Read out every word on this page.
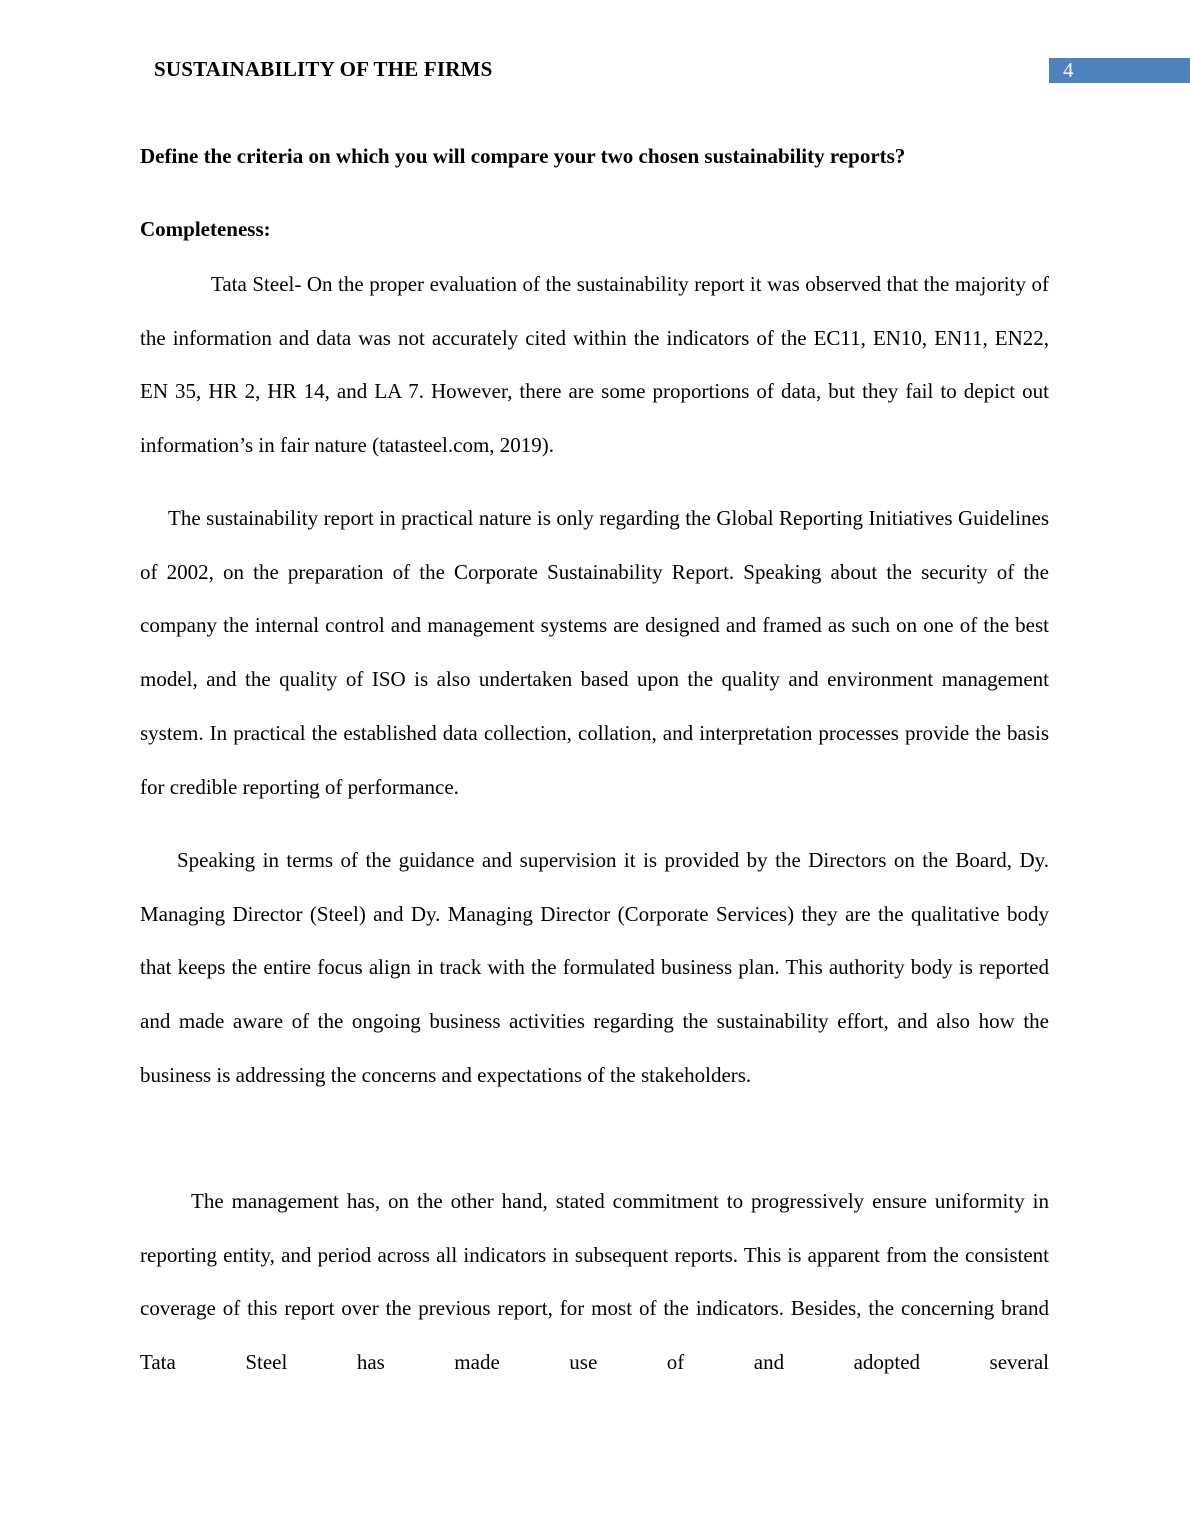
SUSTAINABILITY OF THE FIRMS	4
Define the criteria on which you will compare your two chosen sustainability reports?
Completeness:

Tata Steel- On the proper evaluation of the sustainability report it was observed that the majority of the information and data was not accurately cited within the indicators of the EC11, EN10, EN11, EN22, EN 35, HR 2, HR 14, and LA 7. However, there are some proportions of data, but they fail to depict out information’s in fair nature (tatasteel.com, 2019).

The sustainability report in practical nature is only regarding the Global Reporting Initiatives Guidelines of 2002, on the preparation of the Corporate Sustainability Report. Speaking about the security of the company the internal control and management systems are designed and framed as such on one of the best model, and the quality of ISO is also undertaken based upon the quality and environment management system. In practical the established data collection, collation, and interpretation processes provide the basis for credible reporting of performance.

Speaking in terms of the guidance and supervision it is provided by the Directors on the Board, Dy. Managing Director (Steel) and Dy. Managing Director (Corporate Services) they are the qualitative body that keeps the entire focus align in track with the formulated business plan. This authority body is reported and made aware of the ongoing business activities regarding the sustainability effort, and also how the business is addressing the concerns and expectations of the stakeholders.

The management has, on the other hand, stated commitment to progressively ensure uniformity in reporting entity, and period across all indicators in subsequent reports. This is apparent from the consistent coverage of this report over the previous report, for most of the indicators. Besides, the concerning brand Tata Steel has made use of and adopted several
